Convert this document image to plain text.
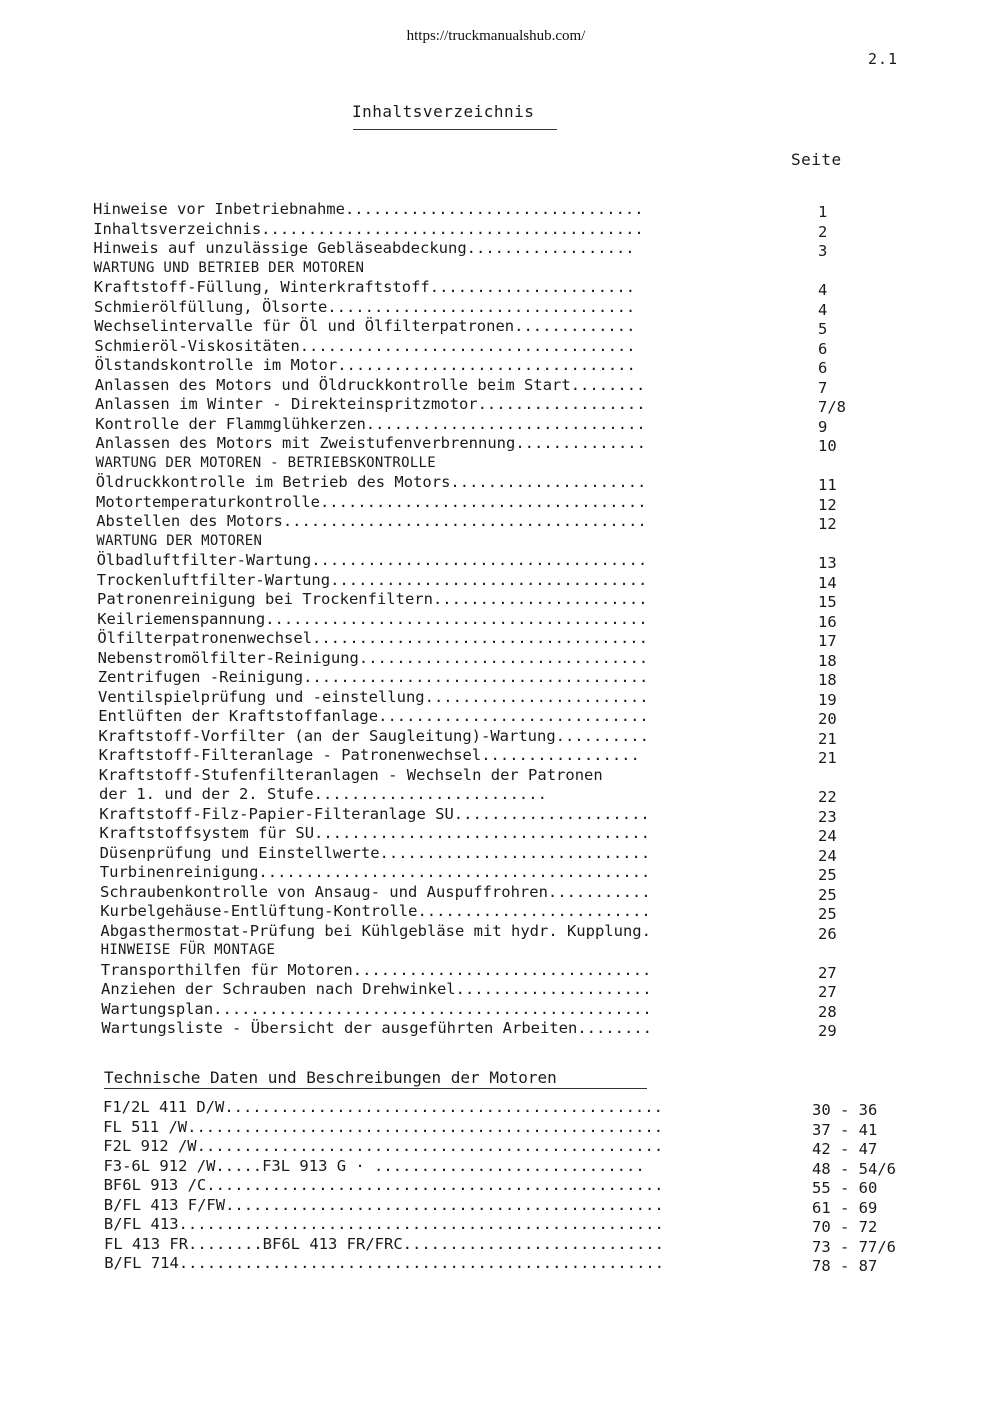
https://truckmanualshub.com/
2.1
Inhaltsverzeichnis
Seite
Hinweise vor Inbetriebnahme................................	1
Inhaltsverzeichnis.........................................	2
Hinweis auf unzulässige Gebläseabdeckung..................	3
WARTUNG UND BETRIEB DER MOTOREN
Kraftstoff-Füllung, Winterkraftstoff......................	4
Schmierölfüllung, Ölsorte.................................	4
Wechselintervalle für Öl und Ölfilterpatronen.............	5
Schmieröl-Viskositäten....................................	6
Ölstandskontrolle im Motor................................	6
Anlassen des Motors und Öldruckkontrolle beim Start........	7
Anlassen im Winter - Direkteinspritzmotor..................	7/8
Kontrolle der Flammglühkerzen..............................	9
Anlassen des Motors mit Zweistufenverbrennung..............	10
WARTUNG DER MOTOREN - BETRIEBSKONTROLLE
Öldruckkontrolle im Betrieb des Motors.....................	11
Motortemperaturkontrolle...................................	12
Abstellen des Motors.......................................	12
WARTUNG DER MOTOREN
Ölbadluftfilter-Wartung....................................	13
Trockenluftfilter-Wartung..................................	14
Patronenreinigung bei Trockenfiltern.......................	15
Keilriemenspannung.........................................	16
Ölfilterpatronenwechsel....................................	17
Nebenstromölfilter-Reinigung...............................	18
Zentrifugen -Reinigung.....................................	18
Ventilspielprüfung und -einstellung........................	19
Entlüften der Kraftstoffanlage.............................	20
Kraftstoff-Vorfilter (an der Saugleitung)-Wartung..........	21
Kraftstoff-Filteranlage - Patronenwechsel.................	21
Kraftstoff-Stufenfilteranlagen - Wechseln der Patronen
der 1. und der 2. Stufe.........................	22
Kraftstoff-Filz-Papier-Filteranlage SU.....................	23
Kraftstoffsystem für SU....................................	24
Düsenprüfung und Einstellwerte.............................	24
Turbinenreinigung..........................................	25
Schraubenkontrolle von Ansaug- und Auspuffrohren...........	25
Kurbelgehäuse-Entlüftung-Kontrolle.........................	25
Abgasthermostat-Prüfung bei Kühlgebläse mit hydr. Kupplung.	26
HINWEISE FÜR MONTAGE
Transporthilfen für Motoren................................	27
Anziehen der Schrauben nach Drehwinkel.....................	27
Wartungsplan...............................................	28
Wartungsliste - Übersicht der ausgeführten Arbeiten........	29
Technische Daten und Beschreibungen der Motoren
F1/2L 411 D/W...............................................	30 - 36
FL 511 /W...................................................	37 - 41
F2L 912 /W..................................................	42 - 47
F3-6L 912 /W.....F3L 913 G · .............................	48 - 54/6
BF6L 913 /C.................................................	55 - 60
B/FL 413 F/FW...............................................	61 - 69
B/FL 413....................................................	70 - 72
FL 413 FR........BF6L 413 FR/FRC............................	73 - 77/6
B/FL 714....................................................	78 - 87
